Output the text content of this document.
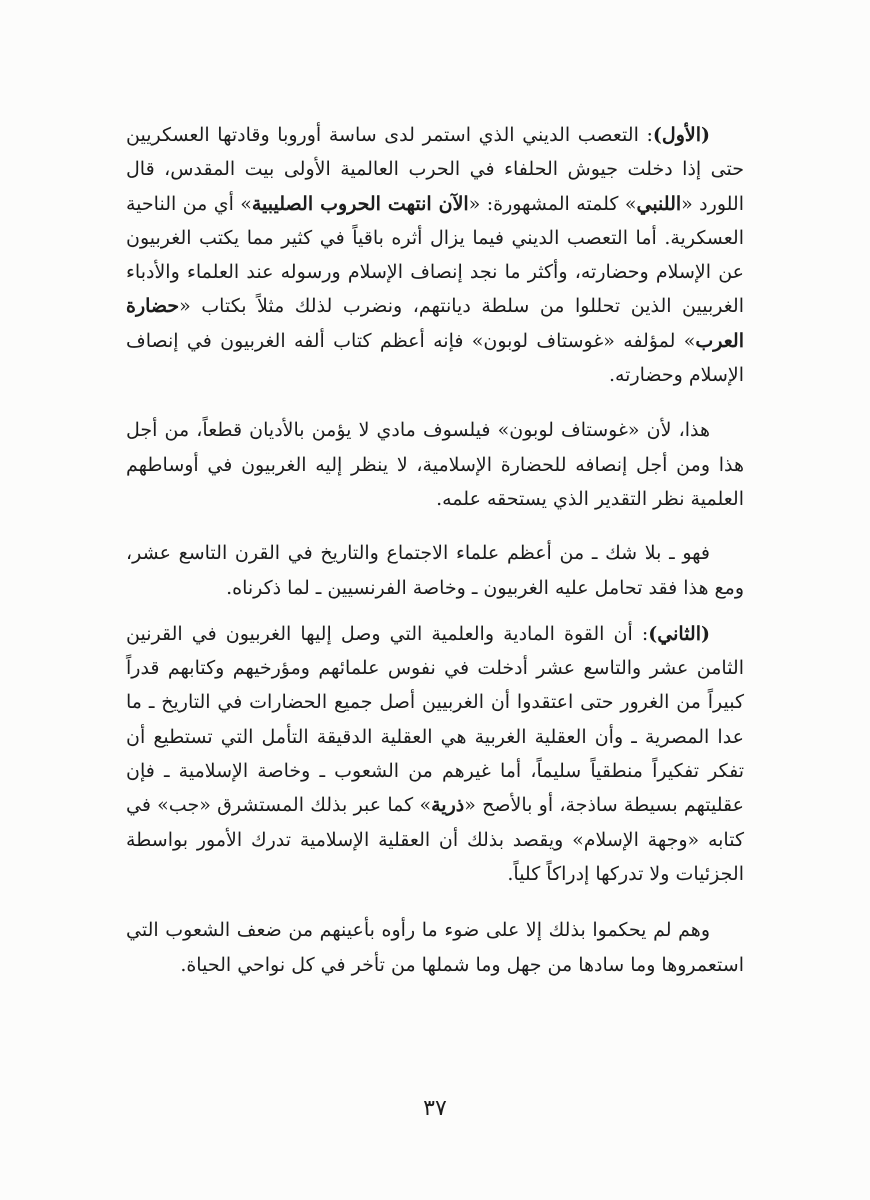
(الأول): التعصب الديني الذي استمر لدى ساسة أوروبا وقادتها العسكريين حتى إذا دخلت جيوش الحلفاء في الحرب العالمية الأولى بيت المقدس، قال اللورد «اللنبي» كلمته المشهورة: «الآن انتهت الحروب الصليبية» أي من الناحية العسكرية. أما التعصب الديني فيما يزال أثره باقياً في كثير مما يكتب الغربيون عن الإسلام وحضارته، وأكثر ما نجد إنصاف الإسلام ورسوله عند العلماء والأدباء الغربيين الذين تحللوا من سلطة ديانتهم، ونضرب لذلك مثلاً بكتاب «حضارة العرب» لمؤلفه «غوستاف لوبون» فإنه أعظم كتاب ألفه الغربيون في إنصاف الإسلام وحضارته.

هذا، لأن «غوستاف لوبون» فيلسوف مادي لا يؤمن بالأديان قطعاً، من أجل هذا ومن أجل إنصافه للحضارة الإسلامية، لا ينظر إليه الغربيون في أوساطهم العلمية نظر التقدير الذي يستحقه علمه.

فهو ـ بلا شك ـ من أعظم علماء الاجتماع والتاريخ في القرن التاسع عشر، ومع هذا فقد تحامل عليه الغربيون ـ وخاصة الفرنسيين ـ لما ذكرناه.

(الثاني): أن القوة المادية والعلمية التي وصل إليها الغربيون في القرنين الثامن عشر والتاسع عشر أدخلت في نفوس علمائهم ومؤرخيهم وكتابهم قدراً كبيراً من الغرور حتى اعتقدوا أن الغربيين أصل جميع الحضارات في التاريخ ـ ما عدا المصرية ـ وأن العقلية الغربية هي العقلية الدقيقة التأمل التي تستطيع أن تفكر تفكيراً منطقياً سليماً، أما غيرهم من الشعوب ـ وخاصة الإسلامية ـ فإن عقليتهم بسيطة ساذجة، أو بالأصح «ذرية» كما عبر بذلك المستشرق «جب» في كتابه «وجهة الإسلام» ويقصد بذلك أن العقلية الإسلامية تدرك الأمور بواسطة الجزئيات ولا تدركها إدراكاً كلياً.

وهم لم يحكموا بذلك إلا على ضوء ما رأوه بأعينهم من ضعف الشعوب التي استعمروها وما سادها من جهل وما شملها من تأخر في كل نواحي الحياة.

٣٧
